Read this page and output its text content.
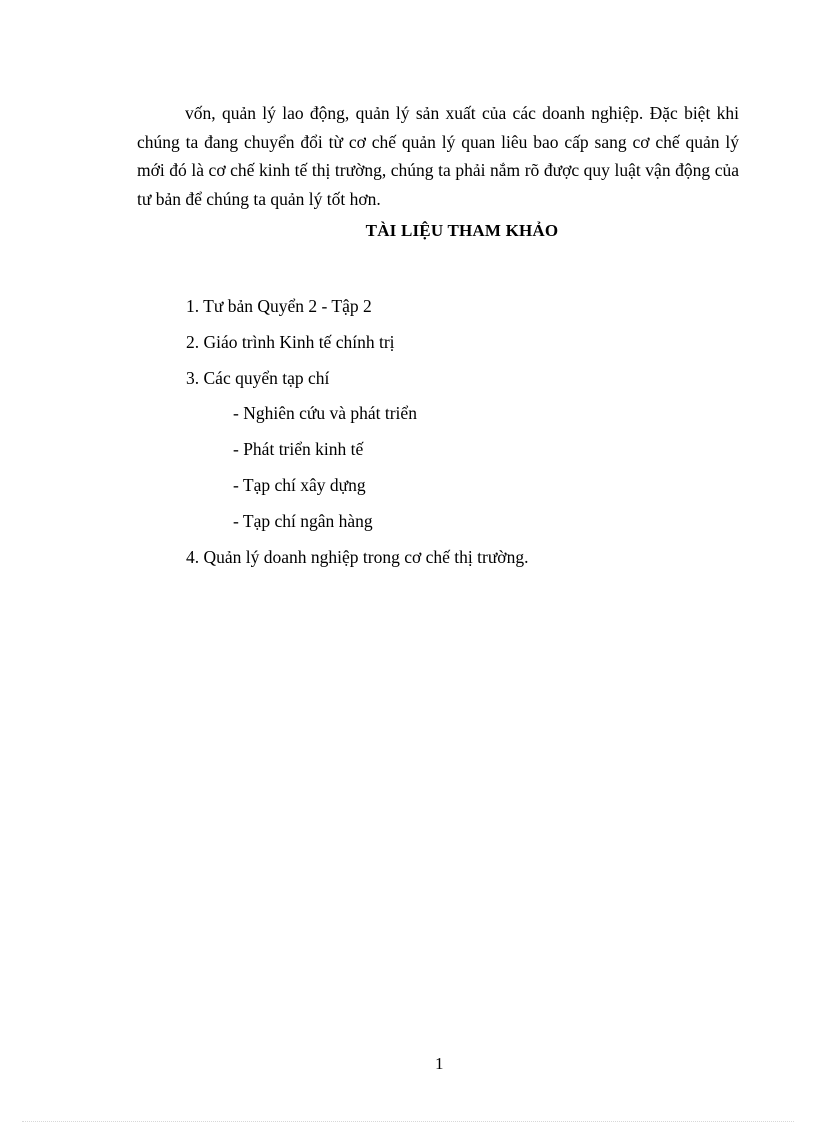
vốn, quản lý lao động, quản lý sản xuất của các doanh nghiệp. Đặc biệt khi chúng ta đang chuyển đổi từ cơ chế quản lý quan liêu bao cấp sang cơ chế quản lý mới đó là cơ chế kinh tế thị trường, chúng ta phải nắm rõ được quy luật vận động của tư bản để chúng ta quản lý tốt hơn.

TÀI LIỆU THAM KHẢO
1. Tư bản Quyển 2 - Tập 2
2. Giáo trình Kinh tế chính trị
3. Các quyển tạp chí
- Nghiên cứu và phát triển
- Phát triển kinh tế
- Tạp chí xây dựng
- Tạp chí ngân hàng
4. Quản lý doanh nghiệp trong cơ chế thị trường.
1
